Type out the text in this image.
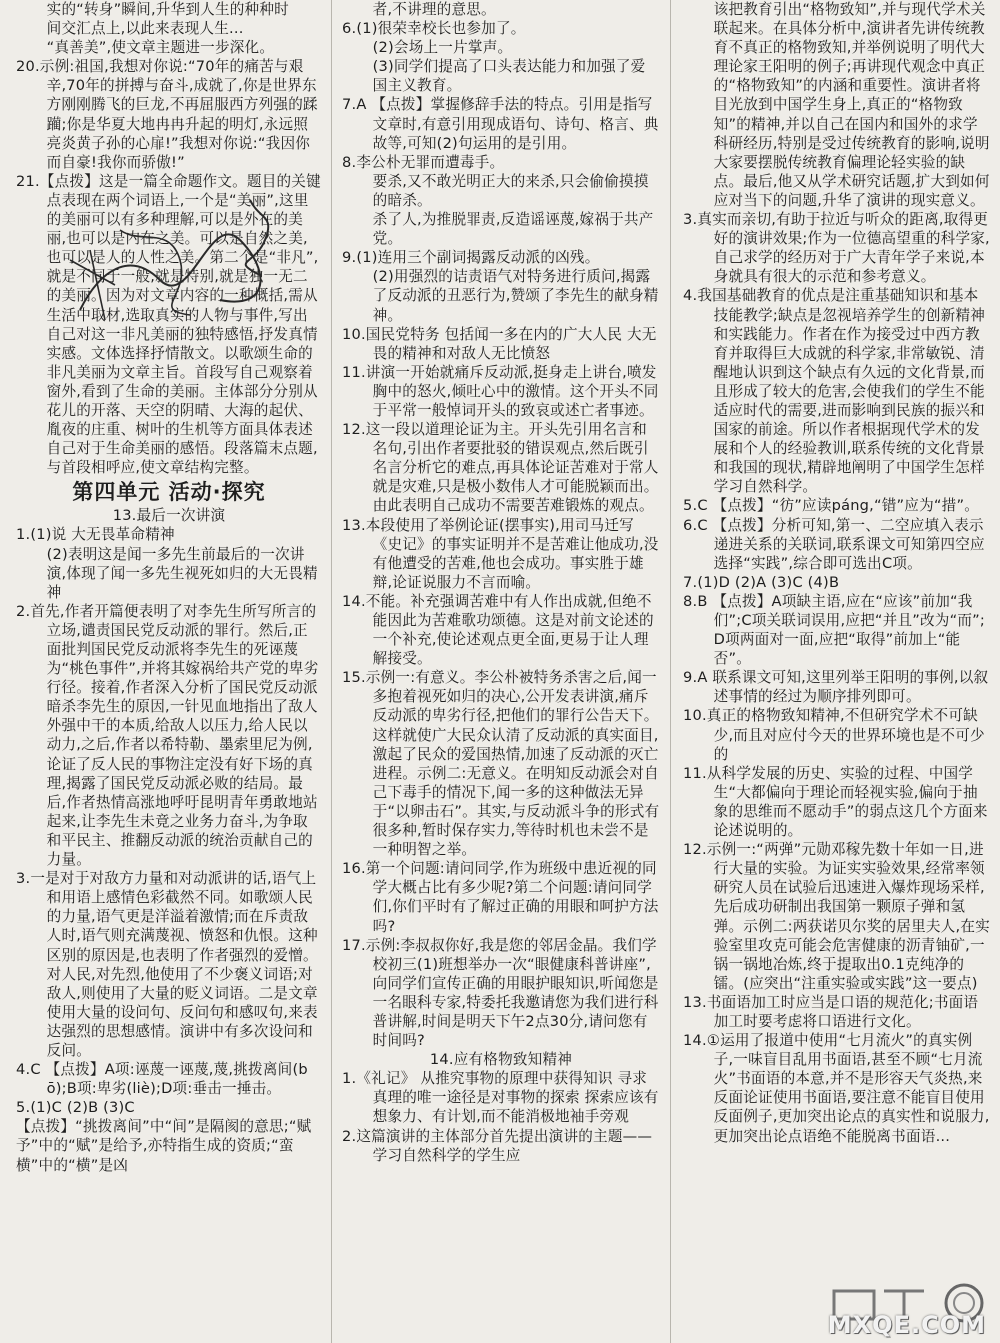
实的“转身”瞬间,升华到人生的种种时

间交汇点上,以此来表现人生...

“真善美”,使文章主题进一步深化。

20.示例:祖国,我想对你说:“70年的痛苦与艰辛,70年的拼搏与奋斗,成就了,你是世界东方刚刚腾飞的巨龙,不再屈服西方列强的蹂躏;你是华夏大地冉冉升起的明灯,永远照亮炎黄子孙的心扉!”我想对你说:“我因你而自豪!我你而骄傲!”

21.【点拨】这是一篇全命题作文。题目的关键点表现在两个词语上,一个是“美丽”,这里的美丽可以有多种理解,可以是外在的美丽,也可以是内在之美。可以是自然之美,也可以是人的人性之美。第二个是“非凡”,就是不同于一般,就是特别,就是独一无二的美丽。因为对文章内容的一种概括,需从生活中取材,选取真实的人物与事件,写出自己对这一非凡美丽的独特感悟,抒发真情实感。文体选择抒情散文。以歌颂生命的非凡美丽为文章主旨。首段写自己观察着窗外,看到了生命的美丽。主体部分分别从花儿的开落、天空的阴晴、大海的起伏、胤夜的庄重、树叶的生机等方面具体表述自己对于生命美丽的感悟。段落篇末点题,与首段相呼应,使文章结构完整。

第四单元 活动·探究

13.最后一次讲演

1.(1)说 大无畏革命精神

(2)表明这是闻一多先生前最后的一次讲演,体现了闻一多先生视死如归的大无畏精神

2.首先,作者开篇便表明了对李先生所写所言的立场,谴责国民党反动派的罪行。然后,正面批判国民党反动派将李先生的死诬蔑为“桃色事件”,并将其嫁祸给共产党的卑劣行径。接着,作者深入分析了国民党反动派暗杀李先生的原因,一针见血地指出了敌人外强中干的本质,给敌人以压力,给人民以动力,之后,作者以希特勒、墨索里尼为例,论证了反人民的事物注定没有好下场的真理,揭露了国民党反动派必败的结局。最后,作者热情高涨地呼吁昆明青年勇敢地站起来,让李先生未竟之业务力奋斗,为争取和平民主、推翻反动派的统治贡献自己的力量。

3.一是对于对敌方力量和对动派讲的话,语气上和用语上感情色彩截然不同。如歌颂人民的力量,语气更是洋溢着激情;而在斥责敌人时,语气则充满蔑视、愤怒和仇恨。这种区别的原因是,也表明了作者强烈的爱憎。对人民,对先烈,他使用了不少褒义词语;对敌人,则使用了大量的贬义词语。二是文章使用大量的设问句、反问句和感叹句,来表达强烈的思想感情。演讲中有多次设问和反问。

4.C 【点拨】A项:诬蔑一诬蔑,蔑,挑拨离间(bō);B项:卑劣(liè);D项:垂击一捶击。

5.(1)C (2)B (3)C

【点拨】“挑拨离间”中“间”是隔阂的意思;“赋予”中的“赋”是给予,亦特指生成的资质;“蛮横”中的“横”是凶

者,不讲理的意思。

6.(1)很荣幸校长也参加了。

(2)会场上一片掌声。

(3)同学们提高了口头表达能力和加强了爱国主义教育。

7.A 【点拨】掌握修辞手法的特点。引用是指写文章时,有意引用现成语句、诗句、格言、典故等,可知(2)句运用的是引用。

8.李公朴无罪而遭毒手。

要杀,又不敢光明正大的来杀,只会偷偷摸摸的暗杀。

杀了人,为推脱罪责,反造谣诬蔑,嫁祸于共产党。

9.(1)连用三个副词揭露反动派的凶残。

(2)用强烈的诘责语气对特务进行质问,揭露了反动派的丑恶行为,赞颂了李先生的献身精神。

10.国民党特务 包括闻一多在内的广大人民 大无畏的精神和对敌人无比愤怒

11.讲演一开始就痛斥反动派,挺身走上讲台,喷发胸中的怒火,倾吐心中的激情。这个开头不同于平常一般悼词开头的致哀或述亡者事迹。

12.这一段以道理论证为主。开头先引用名言和名句,引出作者要批驳的错误观点,然后既引名言分析它的难点,再具体论证苦难对于常人就是灾难,只是极小数伟人才可能脱颖而出。由此表明自己成功不需要苦难锻炼的观点。

13.本段使用了举例论证(摆事实),用司马迁写《史记》的事实证明并不是苦难让他成功,没有他遭受的苦难,他也会成功。事实胜于雄辩,论证说服力不言而喻。

14.不能。补充强调苦难中有人作出成就,但绝不能因此为苦难歌功颂德。这是对前文论述的一个补充,使论述观点更全面,更易于让人理解接受。

15.示例一:有意义。李公朴被特务杀害之后,闻一多抱着视死如归的决心,公开发表讲演,痛斥反动派的卑劣行径,把他们的罪行公告天下。这样就使广大民众认清了反动派的真实面目,激起了民众的爱国热情,加速了反动派的灭亡进程。示例二:无意义。在明知反动派会对自己下毒手的情况下,闻一多的这种做法无异于“以卵击石”。其实,与反动派斗争的形式有很多种,暂时保存实力,等待时机也未尝不是一种明智之举。

16.第一个问题:请问同学,作为班级中患近视的同学大概占比有多少呢?第二个问题:请问同学们,你们平时有了解过正确的用眼和呵护方法吗?

17.示例:李叔叔你好,我是您的邻居金晶。我们学校初三(1)班想举办一次“眼健康科普讲座”,向同学们宣传正确的用眼护眼知识,听闻您是一名眼科专家,特委托我邀请您为我们进行科普讲解,时间是明天下午2点30分,请问您有时间吗?

14.应有格物致知精神

1.《礼记》 从推究事物的原理中获得知识 寻求真理的唯一途径是对事物的探索 探索应该有想象力、有计划,而不能消极地袖手旁观

2.这篇演讲的主体部分首先提出演讲的主题——学习自然科学的学生应

该把教育引出“格物致知”,并与现代学术关联起来。在具体分析中,演讲者先讲传统教育不真正的格物致知,并举例说明了明代大理论家王阳明的例子;再讲现代观念中真正的“格物致知”的内涵和重要性。演讲者将目光放到中国学生身上,真正的“格物致知”的精神,并以自己在国内和国外的求学科研经历,特别是受过传统教育的影响,说明大家要摆脱传统教育偏理论轻实验的缺点。最后,他又从学术研究话题,扩大到如何应对当下的问题,升华了演讲的现实意义。

3.真实而亲切,有助于拉近与听众的距离,取得更好的演讲效果;作为一位德高望重的科学家,自己求学的经历对于广大青年学子来说,本身就具有很大的示范和参考意义。

4.我国基础教育的优点是注重基础知识和基本技能教学;缺点是忽视培养学生的创新精神和实践能力。作者在作为接受过中西方教育并取得巨大成就的科学家,非常敏锐、清醒地认识到这个缺点有久远的文化背景,而且形成了较大的危害,会使我们的学生不能适应时代的需要,进而影响到民族的振兴和国家的前途。所以作者根据现代学术的发展和个人的经验教训,联系传统的文化背景和我国的现状,精辟地阐明了中国学生怎样学习自然科学。

5.C 【点拨】“彷”应读páng,“错”应为“措”。

6.C 【点拨】分析可知,第一、二空应填入表示递进关系的关联词,联系课文可知第四空应选择“实践”,综合即可选出C项。

7.(1)D (2)A (3)C (4)B

8.B 【点拨】A项缺主语,应在“应该”前加“我们”;C项关联词误用,应把“并且”改为“而”;D项两面对一面,应把“取得”前加上“能否”。

9.A 联系课文可知,这里列举王阳明的事例,以叙述事情的经过为顺序排列即可。

10.真正的格物致知精神,不但研究学术不可缺少,而且对应付今天的世界环境也是不可少的

11.从科学发展的历史、实验的过程、中国学生“大都偏向于理论而轻视实验,偏向于抽象的思维而不愿动手”的弱点这几个方面来论述说明的。

12.示例一:“两弹”元勋邓稼先数十年如一日,进行大量的实验。为证实实验效果,经常率领研究人员在试验后迅速进入爆炸现场采样,先后成功研制出我国第一颗原子弹和氢弹。示例二:两获诺贝尔奖的居里夫人,在实验室里攻克可能会危害健康的沥青铀矿,一锅一锅地冶炼,终于提取出0.1克纯净的镭。(应突出“注重实验或实践”这一要点)

13.书面语加工时应当是口语的规范化;书面语加工时要考虑将口语进行文化。

14.①运用了报道中使用“七月流火”的真实例子,一味盲目乱用书面语,甚至不顾“七月流火”书面语的本意,并不是形容天气炎热,来反面论证使用书面语,要注意不能盲目使用反面例子,更加突出论点的真实性和说服力,更加突出论点语绝不能脱离书面语...

MXQE.COM
